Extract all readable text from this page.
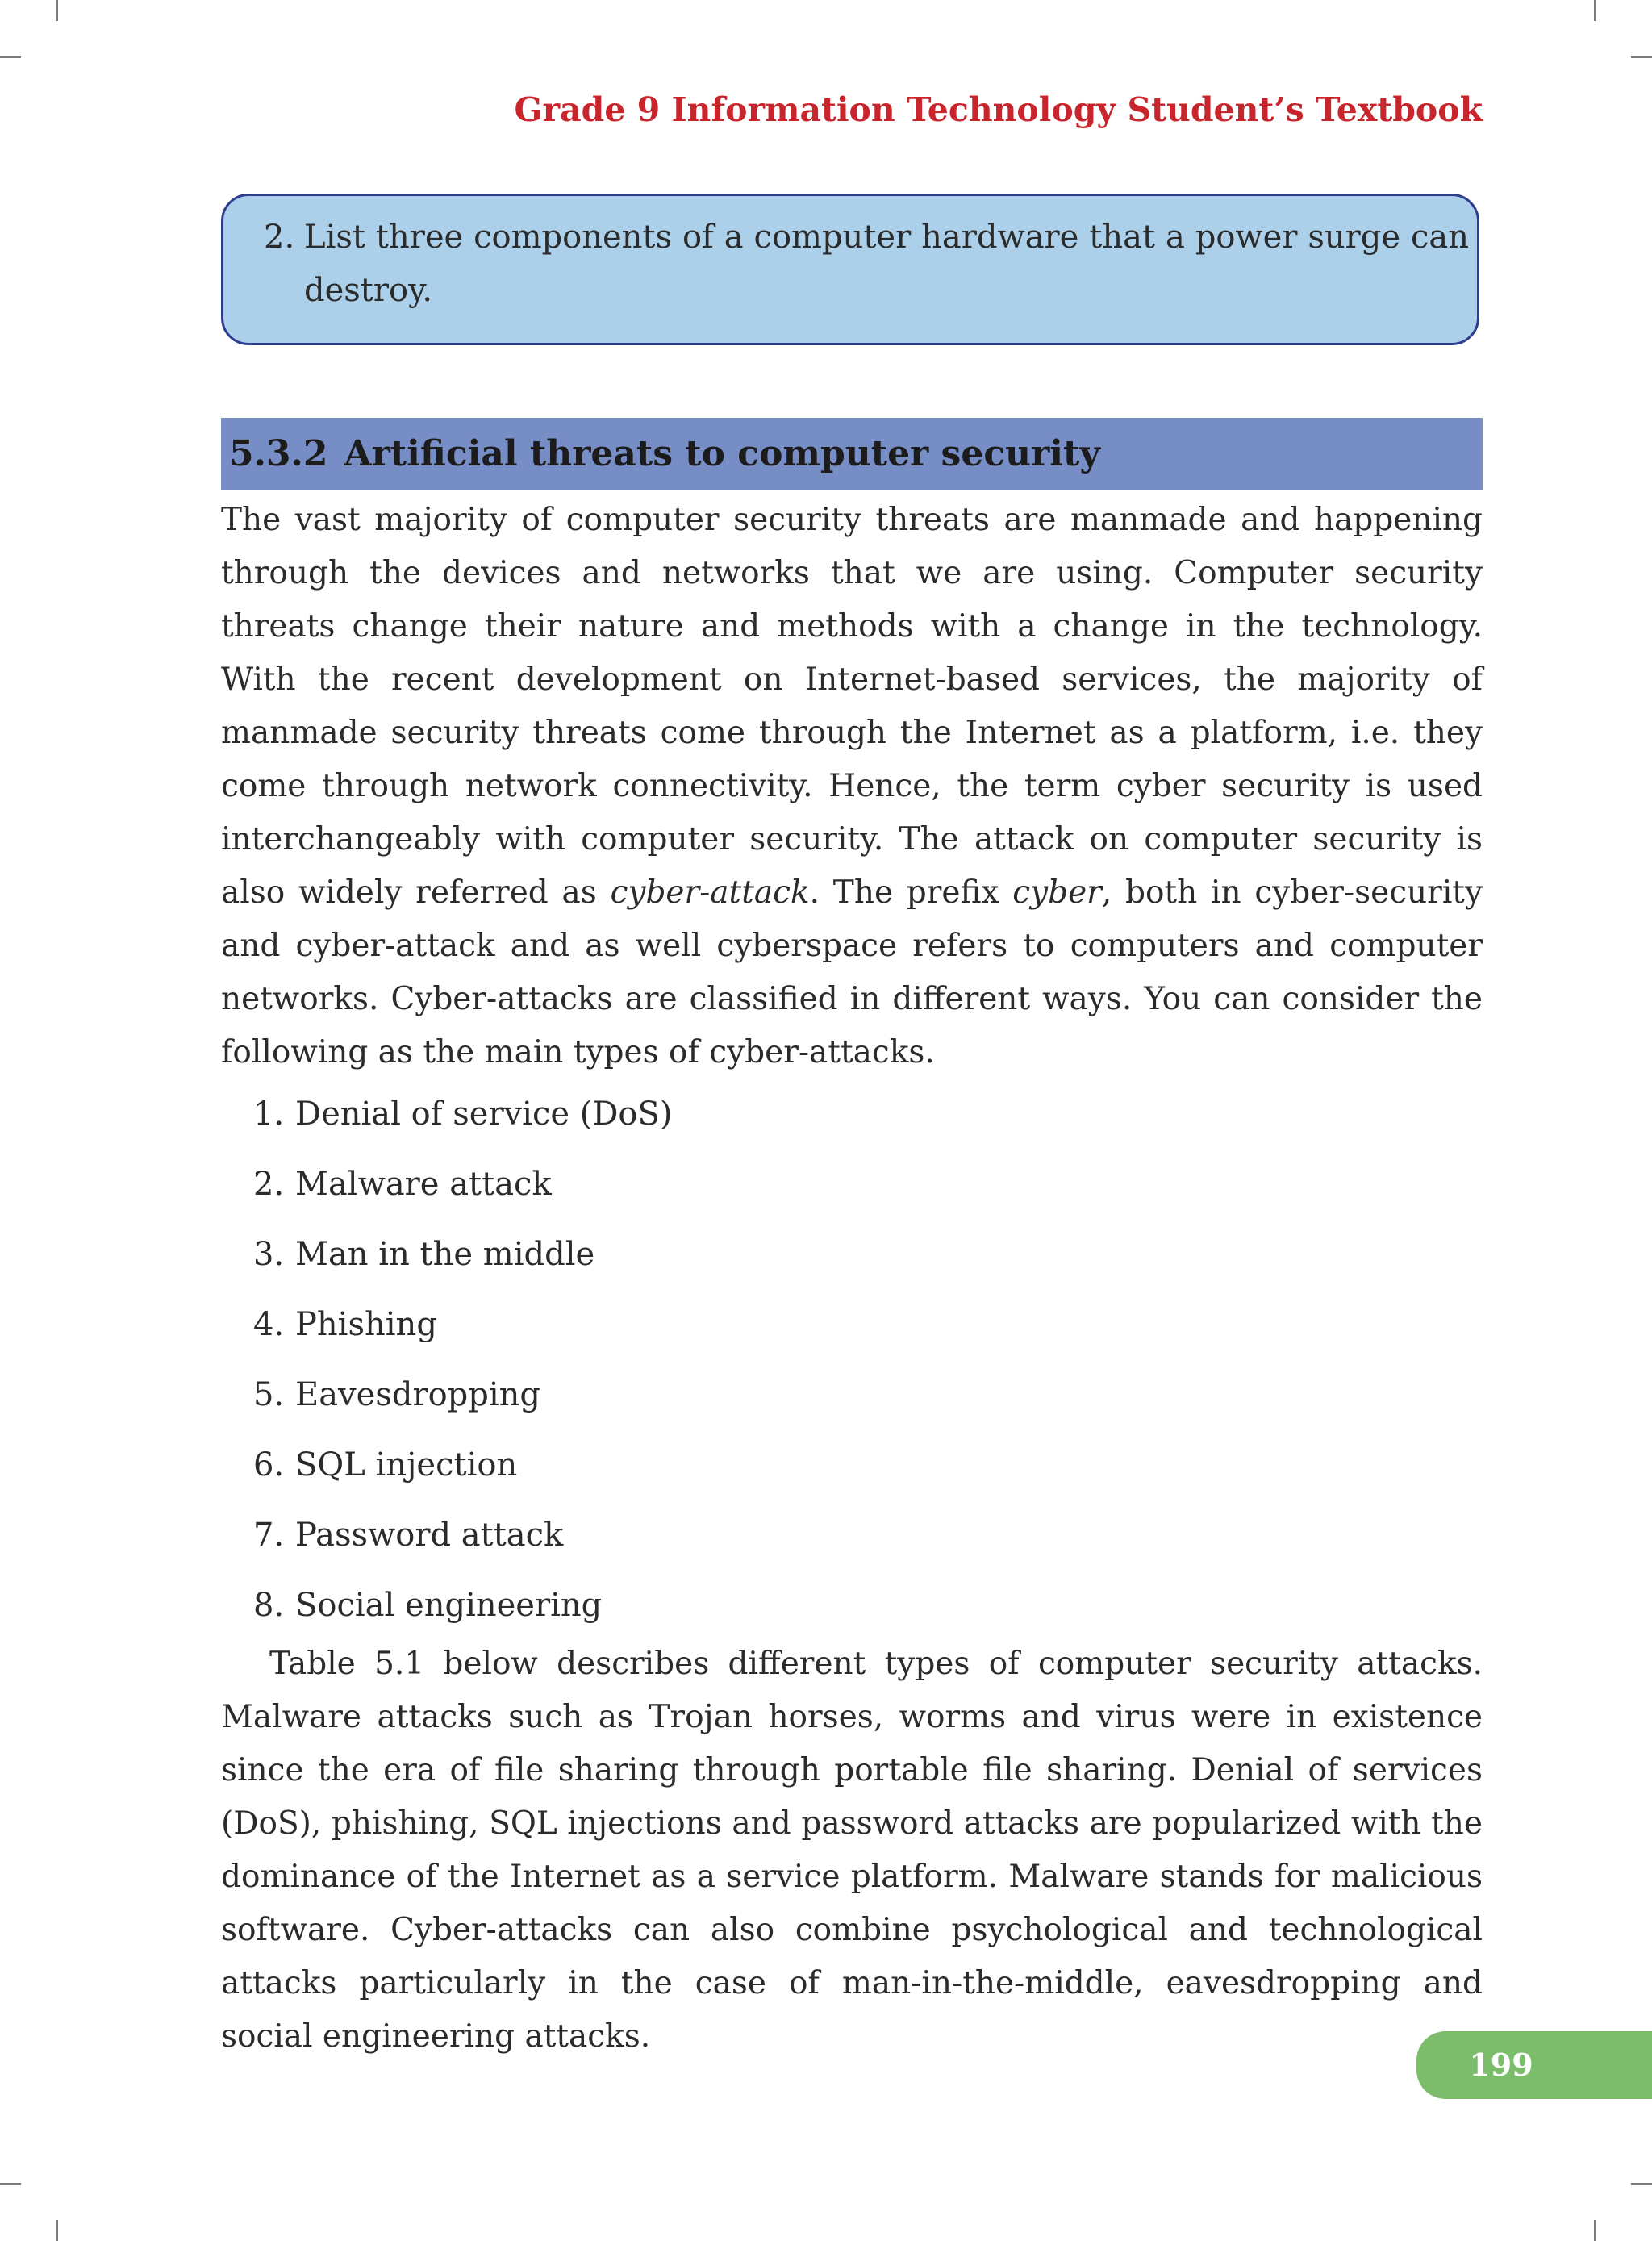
Grade 9 Information Technology Student’s Textbook
2. List three components of a computer hardware that a power surge can destroy.
5.3.2 Artificial threats to computer security

The vast majority of computer security threats are manmade and happening through the devices and networks that we are using. Computer security threats change their nature and methods with a change in the technology. With the recent development on Internet-based services, the majority of manmade security threats come through the Internet as a platform, i.e. they come through network connectivity. Hence, the term cyber security is used interchangeably with computer security. The attack on computer security is also widely referred as cyber-attack. The prefix cyber, both in cyber-security and cyber-attack and as well cyberspace refers to computers and computer networks. Cyber-attacks are classified in different ways. You can consider the following as the main types of cyber-attacks.

1. Denial of service (DoS)
2. Malware attack
3. Man in the middle
4. Phishing
5. Eavesdropping
6. SQL injection
7. Password attack
8. Social engineering

Table 5.1 below describes different types of computer security attacks. Malware attacks such as Trojan horses, worms and virus were in existence since the era of file sharing through portable file sharing. Denial of services (DoS), phishing, SQL injections and password attacks are popularized with the dominance of the Internet as a service platform. Malware stands for malicious software. Cyber-attacks can also combine psychological and technological attacks particularly in the case of man-in-the-middle, eavesdropping and social engineering attacks.

199
